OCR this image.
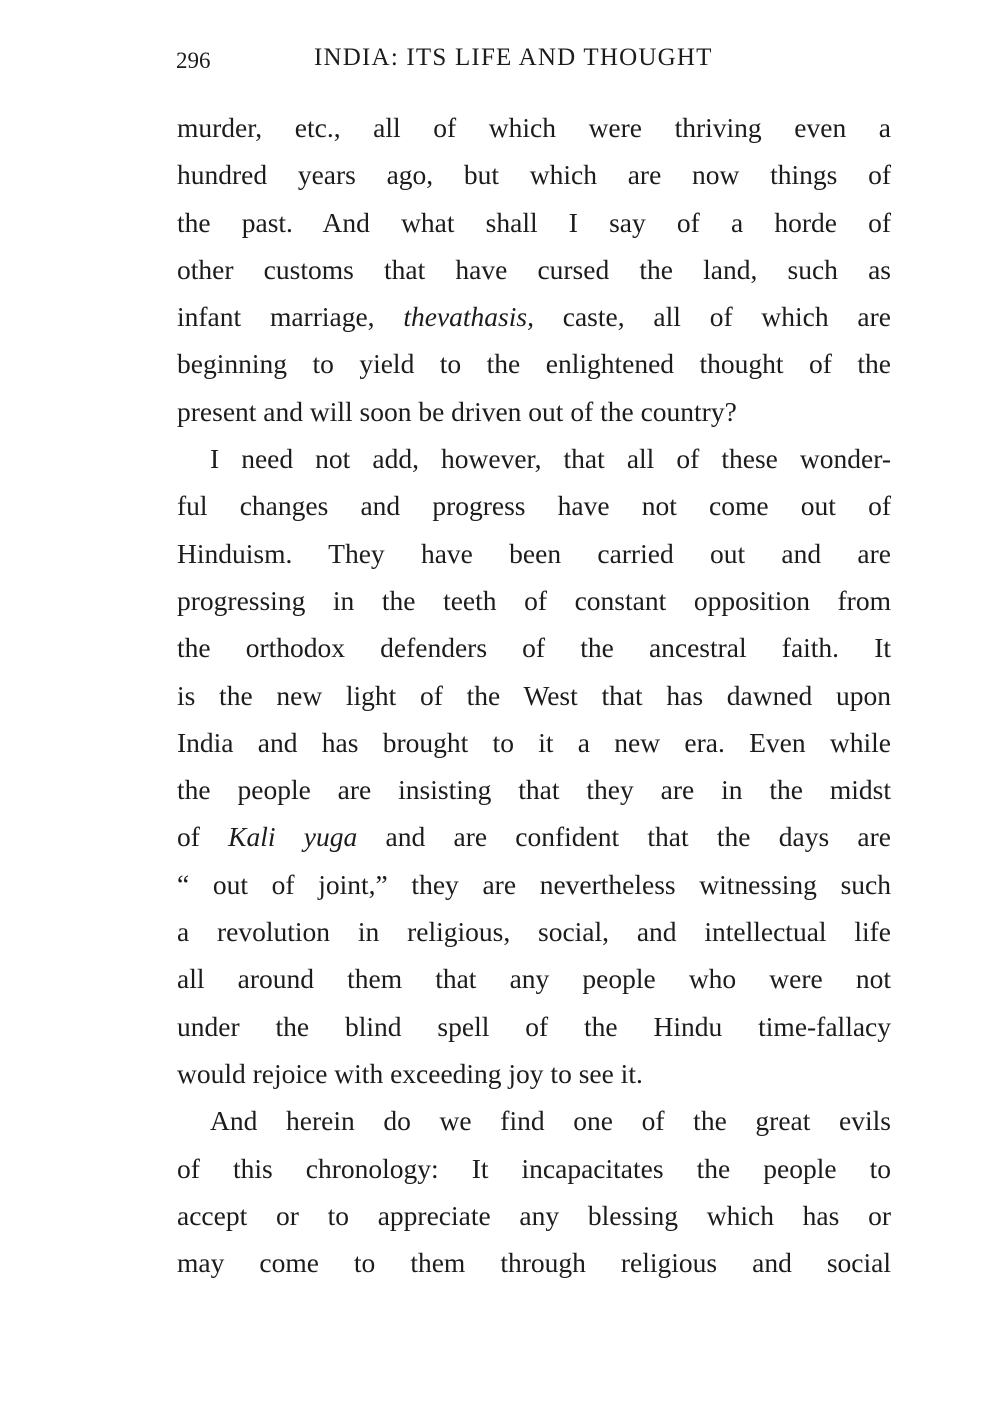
296	INDIA: ITS LIFE AND THOUGHT
murder, etc., all of which were thriving even a
hundred years ago, but which are now things of
the past. And what shall I say of a horde of
other customs that have cursed the land, such as
infant marriage, thevathasis, caste, all of which are
beginning to yield to the enlightened thought of the
present and will soon be driven out of the country?
I need not add, however, that all of these wonder-
ful changes and progress have not come out of
Hinduism. They have been carried out and are
progressing in the teeth of constant opposition from
the orthodox defenders of the ancestral faith. It
is the new light of the West that has dawned upon
India and has brought to it a new era. Even while
the people are insisting that they are in the midst
of Kali yuga and are confident that the days are
“ out of joint,” they are nevertheless witnessing such
a revolution in religious, social, and intellectual life
all around them that any people who were not
under the blind spell of the Hindu time-fallacy
would rejoice with exceeding joy to see it.
And herein do we find one of the great evils
of this chronology: It incapacitates the people to
accept or to appreciate any blessing which has or
may come to them through religious and social
